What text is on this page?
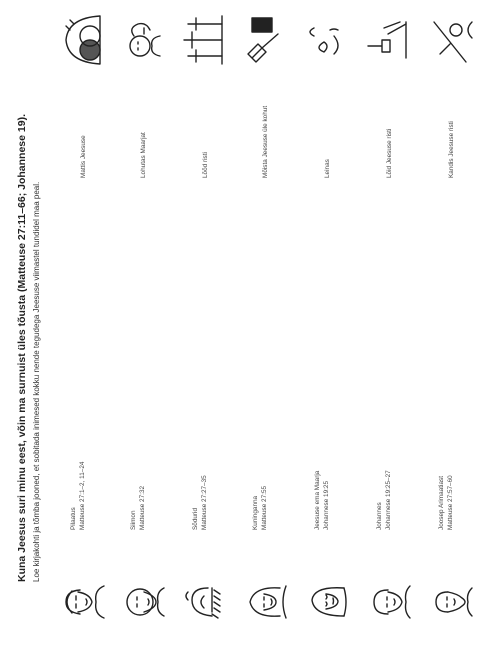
Kuna Jeesus suri minu eest, võin ma surnuist üles tõusta (Matteuse 27:11–66; Johannese 19). Loe kirjakohti ja tõmba jooned, et sobitada inimesed kokku nende tegudega Jeesuse viimastel tundidel maa peal.	Pilaatus Matteuse 27:1–2, 11–24	Siimon Matteuse 27:32	Sõdurid Matteuse 27:27–35	Kuninganna Matteuse 27:55	Jeesuse ema Maarja Johannese 19:25	Johannes Johannese 19:25–27	Joosep Arimaatiast Matteuse 27:57–60
Mattis Jeesuse	Lohutas Maarjat	Lõõd risti	Mõista Jeesuse üle kohut	Leinas	Lõid Jeesuse risti	Kandis Jeesuse risti
